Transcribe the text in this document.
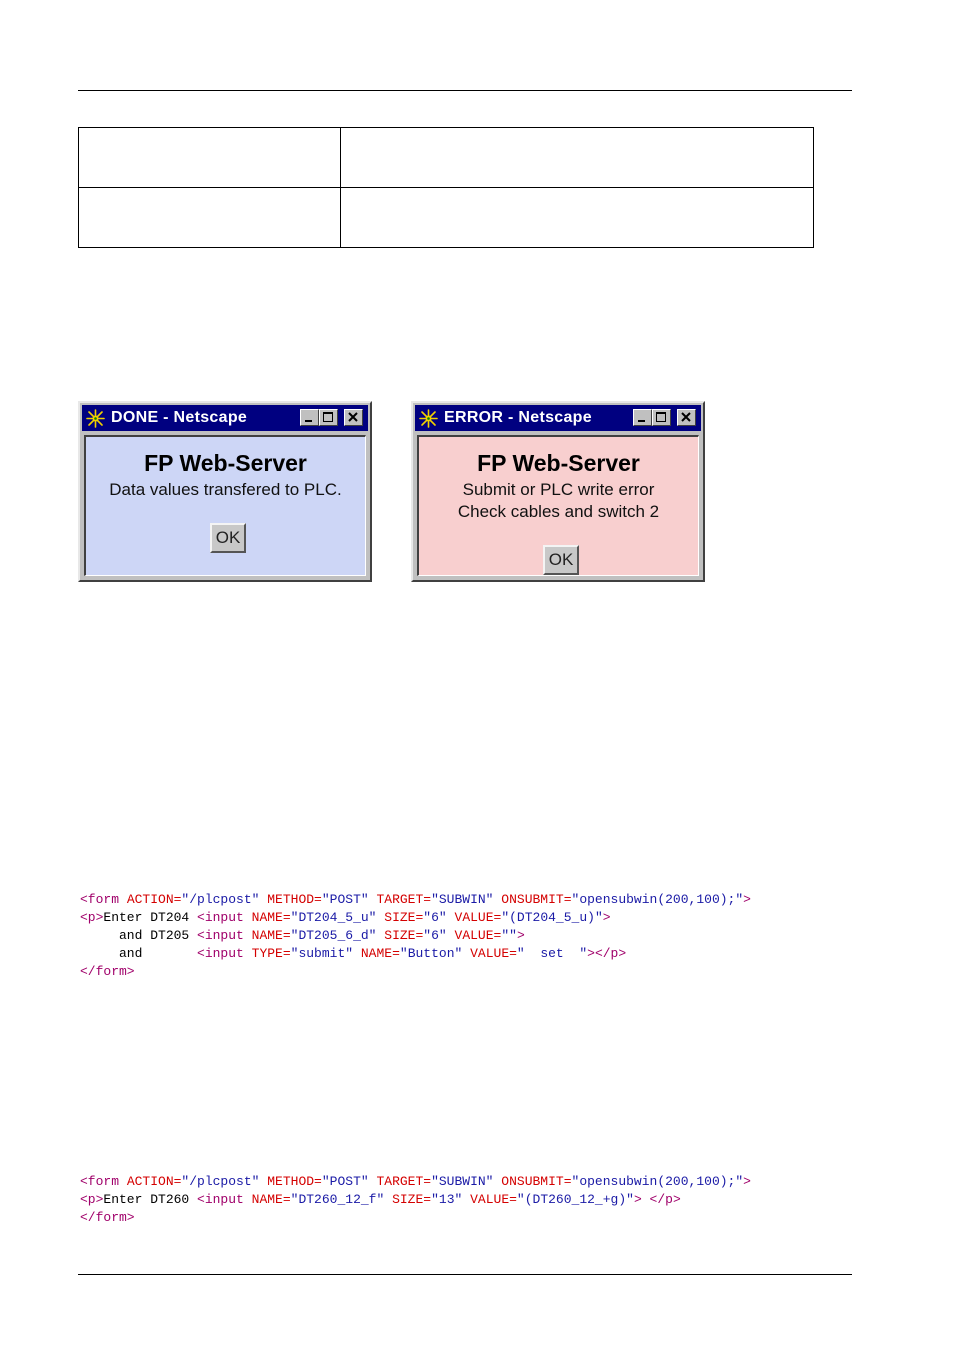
DONE - Netscape
FP Web-Server
Data values transfered to PLC.
OK
ERROR - Netscape
FP Web-Server
Submit or PLC write error
Check cables and switch 2
OK
<form ACTION="/plcpost" METHOD="POST" TARGET="SUBWIN" ONSUBMIT="opensubwin(200,100);">
<p>Enter DT204 <input NAME="DT204_5_u" SIZE="6" VALUE="(DT204_5_u)">
and DT205 <input NAME="DT205_6_d" SIZE="6" VALUE="">
and       <input TYPE="submit" NAME="Button" VALUE="  set  "></p>
</form>
<form ACTION="/plcpost" METHOD="POST" TARGET="SUBWIN" ONSUBMIT="opensubwin(200,100);">
<p>Enter DT260 <input NAME="DT260_12_f" SIZE="13" VALUE="(DT260_12_+g)"> </p>
</form>
